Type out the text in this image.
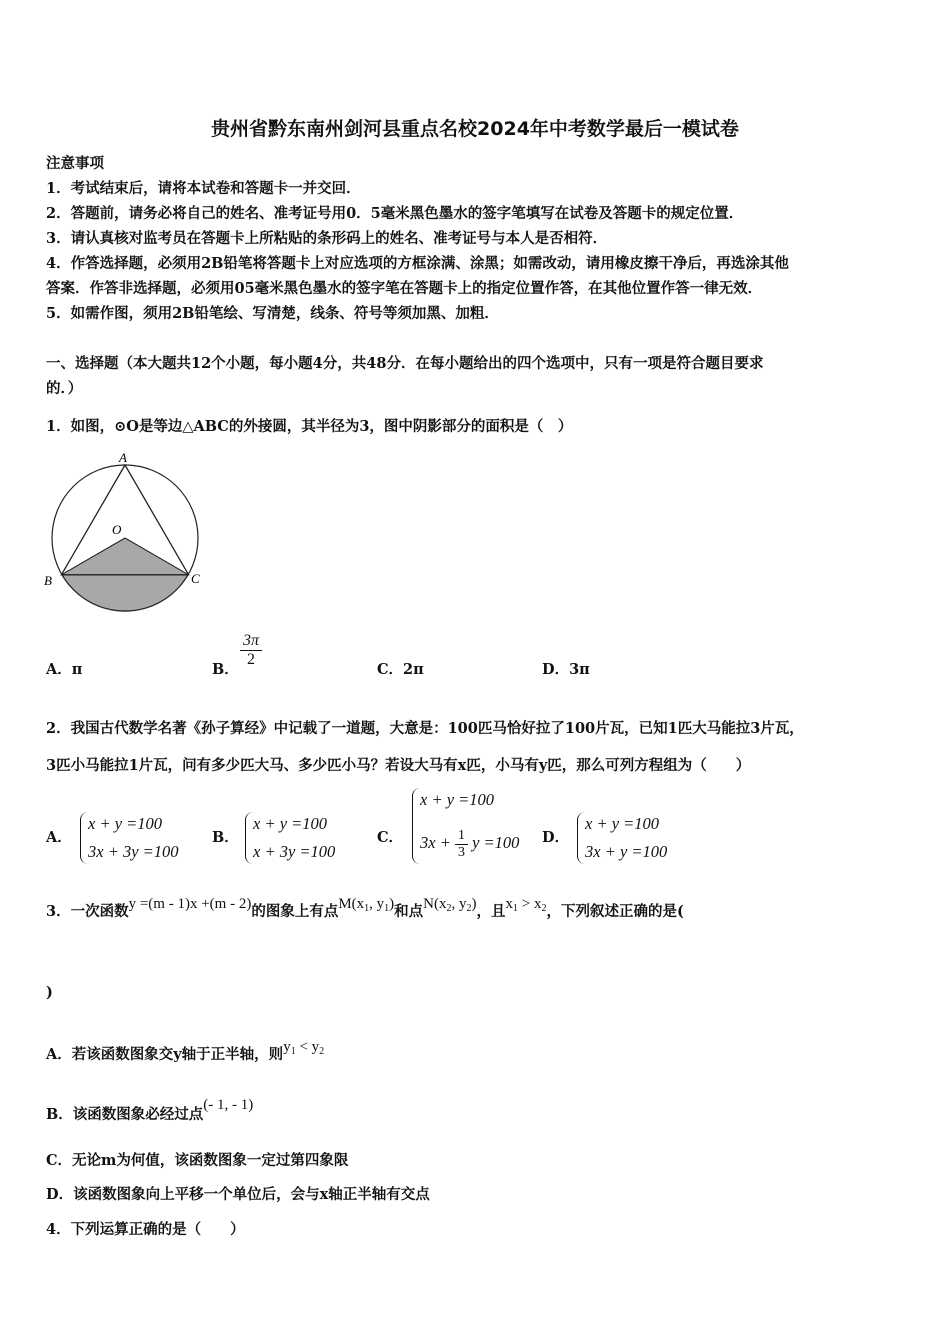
贵州省黔东南州剑河县重点名校2024年中考数学最后一模试卷
注意事项
1．考试结束后，请将本试卷和答题卡一并交回．
2．答题前，请务必将自己的姓名、准考证号用0．5毫米黑色墨水的签字笔填写在试卷及答题卡的规定位置．
3．请认真核对监考员在答题卡上所粘贴的条形码上的姓名、准考证号与本人是否相符．
4．作答选择题，必须用2B铅笔将答题卡上对应选项的方框涂满、涂黑；如需改动，请用橡皮擦干净后，再选涂其他
答案．作答非选择题，必须用05毫米黑色墨水的签字笔在答题卡上的指定位置作答，在其他位置作答一律无效．
5．如需作图，须用2B铅笔绘、写清楚，线条、符号等须加黑、加粗．
一、选择题（本大题共12个小题，每小题4分，共48分．在每小题给出的四个选项中，只有一项是符合题目要求
的．）
1．如图，⊙O是等边△ABC的外接圆，其半径为3，图中阴影部分的面积是（　）
A
O
B	C
A．π	B．
$\frac{3\pi}{2}$
C．2π	D．3π
2．我国古代数学名著《孙子算经》中记载了一道题，大意是：100匹马恰好拉了100片瓦，已知1匹大马能拉3片瓦，
3匹小马能拉1片瓦，问有多少匹大马、多少匹小马？若设大马有x匹，小马有y匹，那么可列方程组为（　　）
A．
x + y =100
3x + 3y =100
B．
x + y =100
x + 3y =100
C．
x + y =100
$3x + \frac{1}{3}$ y =100 D．
x + y =100
3x + y =100
3．一次函数y =(m - 1)x +(m - 2)的图象上有点$M(x_1$, $y_1$)和点$N(x_2$, $y_2$)，且$x_1 > x_2$，下列叙述正确的是(
)
A．若该函数图象交y轴于正半轴，则$y_1 < y_2$
B．该函数图象必经过点(- 1, - 1)
C．无论m为何值，该函数图象一定过第四象限
D．该函数图象向上平移一个单位后，会与x轴正半轴有交点
4．下列运算正确的是（　　）
